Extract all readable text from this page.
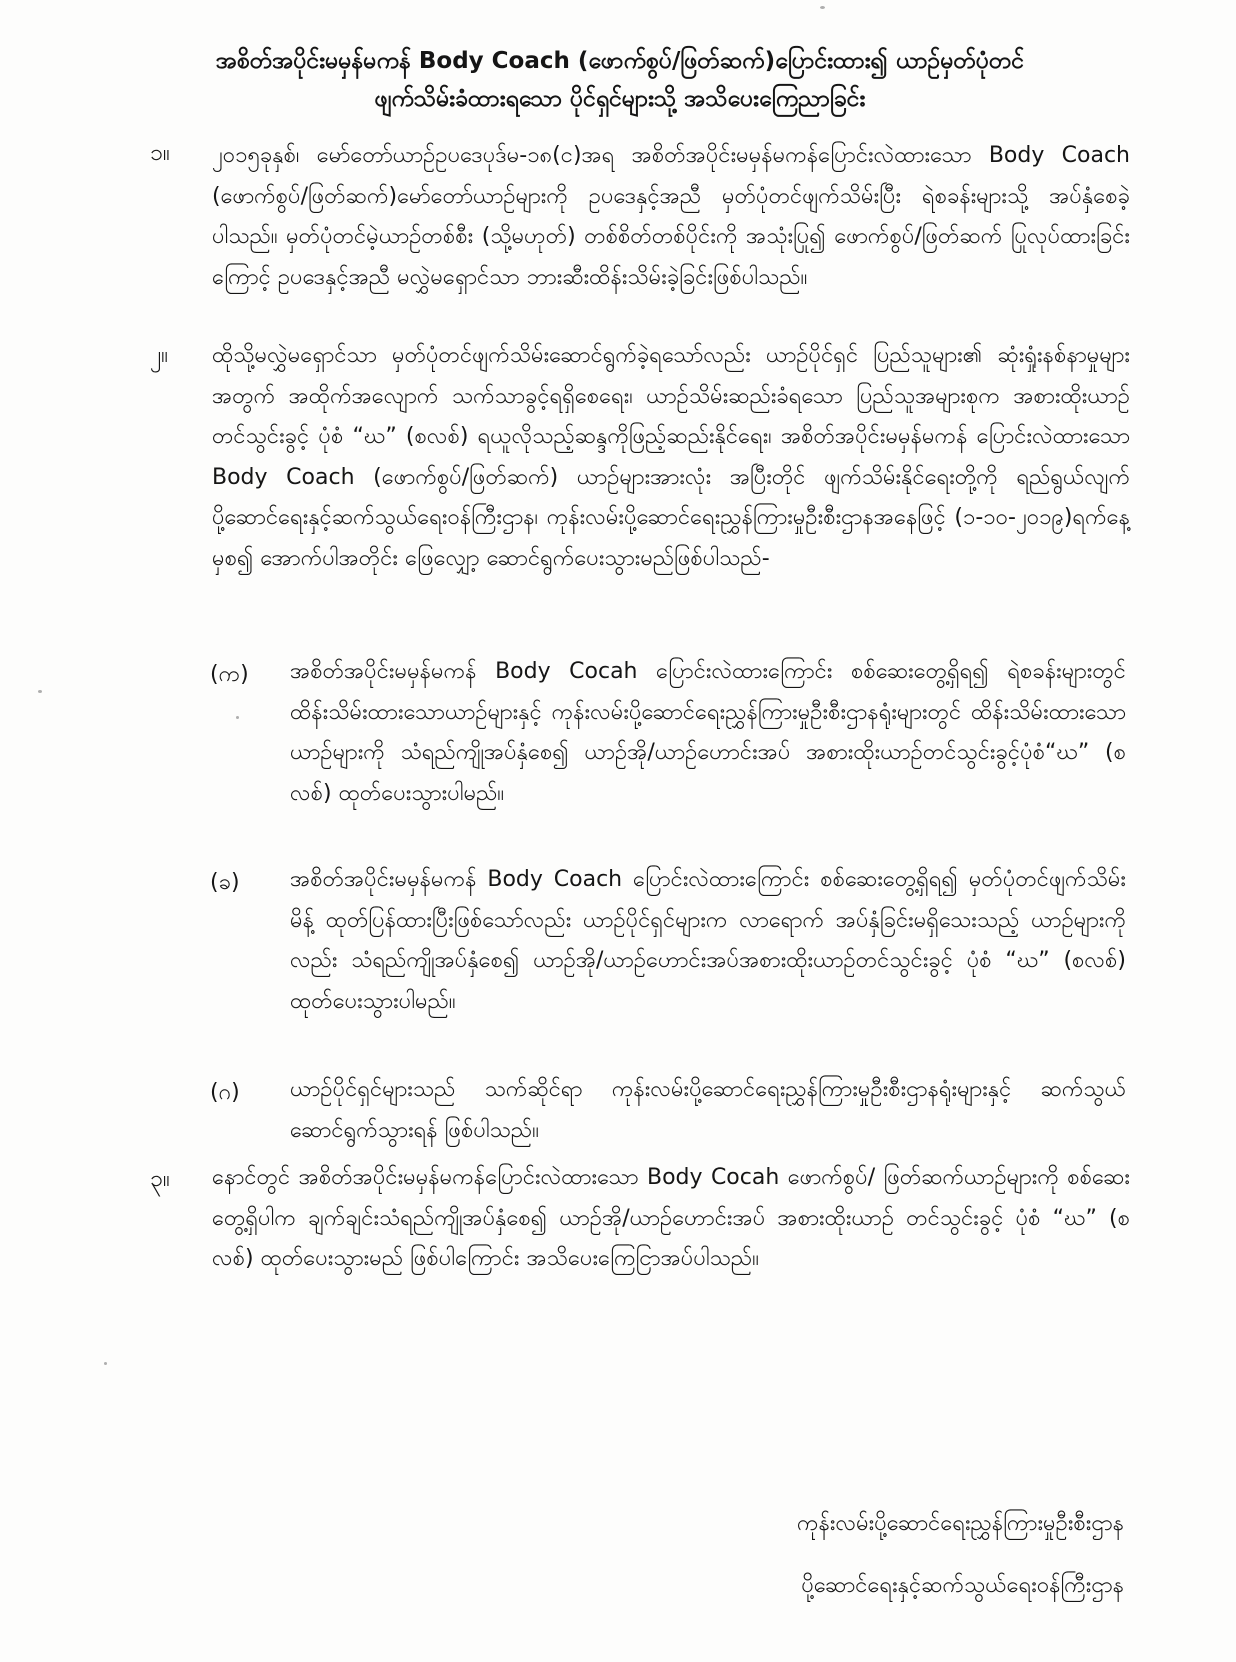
အစိတ်အပိုင်းမမှန်မကန် Body Coach (ဖောက်စွပ်/ဖြတ်ဆက်)ပြောင်းထား၍ ယာဉ်မှတ်ပုံတင်
ဖျက်သိမ်းခံထားရသော ပိုင်ရှင်များသို့ အသိပေးကြေညာခြင်း
၁။ ၂၀၁၅ခုနှစ်၊ မော်တော်ယာဉ်ဥပဒေပုဒ်မ-၁၈(င)အရ အစိတ်အပိုင်းမမှန်မကန်ပြောင်းလဲထားသော Body Coach (ဖောက်စွပ်/ဖြတ်ဆက်)မော်တော်ယာဉ်များကို ဥပဒေနှင့်အညီ မှတ်ပုံတင်ဖျက်သိမ်းပြီး ရဲစခန်းများသို့ အပ်နှံစေခဲ့ပါသည်။ မှတ်ပုံတင်မဲ့ယာဉ်တစ်စီး (သို့မဟုတ်) တစ်စိတ်တစ်ပိုင်းကို အသုံးပြု၍ ဖောက်စွပ်/ဖြတ်ဆက် ပြုလုပ်ထားခြင်းကြောင့် ဥပဒေနှင့်အညီ မလွှဲမရှောင်သာ ဘားဆီးထိန်းသိမ်းခဲ့ခြင်းဖြစ်ပါသည်။
၂။ ထိုသို့မလွှဲမရှောင်သာ မှတ်ပုံတင်ဖျက်သိမ်းဆောင်ရွက်ခဲ့ရသော်လည်း ယာဉ်ပိုင်ရှင် ပြည်သူများ၏ ဆုံးရှုံးနစ်နာမှုများအတွက် အထိုက်အလျောက် သက်သာခွင့်ရရှိစေရေး၊ ယာဉ်သိမ်းဆည်းခံရသော ပြည်သူအများစုက အစားထိုးယာဉ်တင်သွင်းခွင့် ပုံစံ “ဃ” (စလစ်) ရယူလိုသည့်ဆန္ဒကိုဖြည့်ဆည်းနိုင်ရေး၊ အစိတ်အပိုင်းမမှန်မကန် ပြောင်းလဲထားသော Body Coach (ဖောက်စွပ်/ဖြတ်ဆက်) ယာဉ်များအားလုံး အပြီးတိုင် ဖျက်သိမ်းနိုင်ရေးတို့ကို ရည်ရွယ်လျက် ပို့ဆောင်ရေးနှင့်ဆက်သွယ်ရေးဝန်ကြီးဌာန၊ ကုန်းလမ်းပို့ဆောင်ရေးညွှန်ကြားမှုဦးစီးဌာနအနေဖြင့် (၁-၁၀-၂၀၁၉)ရက်နေ့မှစ၍ အောက်ပါအတိုင်း ဖြေလျှော့ ဆောင်ရွက်ပေးသွားမည်ဖြစ်ပါသည်-
(က) အစိတ်အပိုင်းမမှန်မကန် Body Cocah ပြောင်းလဲထားကြောင်း စစ်ဆေးတွေ့ရှိရ၍ ရဲစခန်းများတွင် ထိန်းသိမ်းထားသောယာဉ်များနှင့် ကုန်းလမ်းပို့ဆောင်ရေးညွှန်ကြားမှုဦးစီးဌာနရုံးများတွင် ထိန်းသိမ်းထားသော ယာဉ်များကို သံရည်ကျိုအပ်နှံစေ၍ ယာဉ်အို/ယာဉ်ဟောင်းအပ် အစားထိုးယာဉ်တင်သွင်းခွင့်ပုံစံ“ဃ” (စလစ်) ထုတ်ပေးသွားပါမည်။
(ခ) အစိတ်အပိုင်းမမှန်မကန် Body Coach ပြောင်းလဲထားကြောင်း စစ်ဆေးတွေ့ရှိရ၍ မှတ်ပုံတင်ဖျက်သိမ်းမိန့် ထုတ်ပြန်ထားပြီးဖြစ်သော်လည်း ယာဉ်ပိုင်ရှင်များက လာရောက် အပ်နှံခြင်းမရှိသေးသည့် ယာဉ်များကိုလည်း သံရည်ကျိုအပ်နှံစေ၍ ယာဉ်အို/ယာဉ်ဟောင်းအပ်အစားထိုးယာဉ်တင်သွင်းခွင့် ပုံစံ “ဃ” (စလစ်) ထုတ်ပေးသွားပါမည်။
(ဂ) ယာဉ်ပိုင်ရှင်များသည် သက်ဆိုင်ရာ ကုန်းလမ်းပို့ဆောင်ရေးညွှန်ကြားမှုဦးစီးဌာနရုံးများနှင့် ဆက်သွယ်ဆောင်ရွက်သွားရန် ဖြစ်ပါသည်။
၃။ နောင်တွင် အစိတ်အပိုင်းမမှန်မကန်ပြောင်းလဲထားသော Body Cocah ဖောက်စွပ်/ ဖြတ်ဆက်ယာဉ်များကို စစ်ဆေးတွေ့ရှိပါက ချက်ချင်းသံရည်ကျိုအပ်နှံစေ၍ ယာဉ်အို/ယာဉ်ဟောင်းအပ် အစားထိုးယာဉ် တင်သွင်းခွင့် ပုံစံ “ဃ” (စလစ်) ထုတ်ပေးသွားမည် ဖြစ်ပါကြောင်း အသိပေးကြေငြာအပ်ပါသည်။
ကုန်းလမ်းပို့ဆောင်ရေးညွှန်ကြားမှုဦးစီးဌာန
ပို့ဆောင်ရေးနှင့်ဆက်သွယ်ရေးဝန်ကြီးဌာန
